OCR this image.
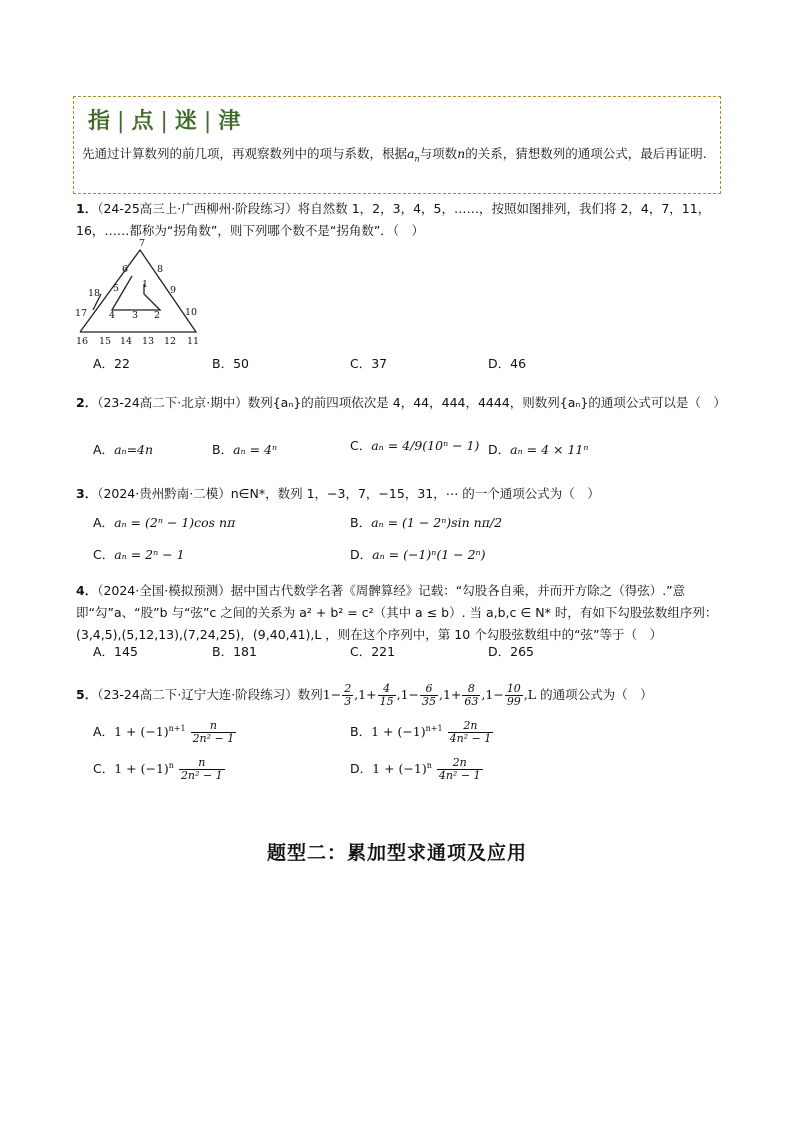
指 | 点 | 迷 | 津
先通过计算数列的前几项，再观察数列中的项与系数，根据$a_n$与项数n的关系，猜想数列的通项公式，最后再证明.
1．（24-25高三上·广西柳州·阶段练习）将自然数 1，2，3，4，5，……，按照如图排列，我们将 2，4，7，11，16，……都称为“拐角数”，则下列哪个数不是“拐角数”．（　）
7
6	8
5 1
9
18
4 3 2	10
17
16 15 14 13 12 11
A．22	B．50	C．37	D．46
2．（23-24高二下·北京·期中）数列{aₙ}的前四项依次是 4，44，444，4444，则数列{aₙ}的通项公式可以是（　）
A．aₙ=4n	B．aₙ = 4ⁿ	C．aₙ = 4/9(10ⁿ − 1) D．aₙ = 4 × 11ⁿ
3．（2024·贵州黔南·二模）n∈N*，数列 1，−3，7，−15，31，⋯ 的一个通项公式为（　）
A．aₙ = (2ⁿ − 1)cos nπ	B．aₙ = (1 − 2ⁿ)sin nπ/2
C．aₙ = 2ⁿ − 1	D．aₙ = (−1)ⁿ(1 − 2ⁿ)
4．（2024·全国·模拟预测）据中国古代数学名著《周髀算经》记载：“勾股各自乘，并而开方除之（得弦）.”意即“勾”a、“股”b 与“弦”c 之间的关系为 a² + b² = c²（其中 a ≤ b）. 当 a,b,c ∈ N* 时，有如下勾股弦数组序列：(3,4,5),(5,12,13),(7,24,25)，(9,40,41),L ，则在这个序列中，第 10 个勾股弦数组中的“弦”等于（　）
A．145	B．181	C．221	D．265
5．（23-24高二下·辽宁大连·阶段练习）数列$1- \frac{2}{3} ,1+ \frac{4}{15} ,1- \frac{6}{35} ,1+ \frac{8}{63} ,1- \frac{10}{99} ,L$ 的通项公式为（　）
A．$1 + (-1)^{n+1} \frac{n}{\text{2n² − 1}}$	B．$1 + (-1)^{n+1} \frac{2n}{\text{4n² − 1}}$
C．$1 + (-1)^n \frac{n}{\text{2n² − 1}}$	D．$1 + (-1)^n \frac{2n}{\text{4n² − 1}}$
题型二：累加型求通项及应用
